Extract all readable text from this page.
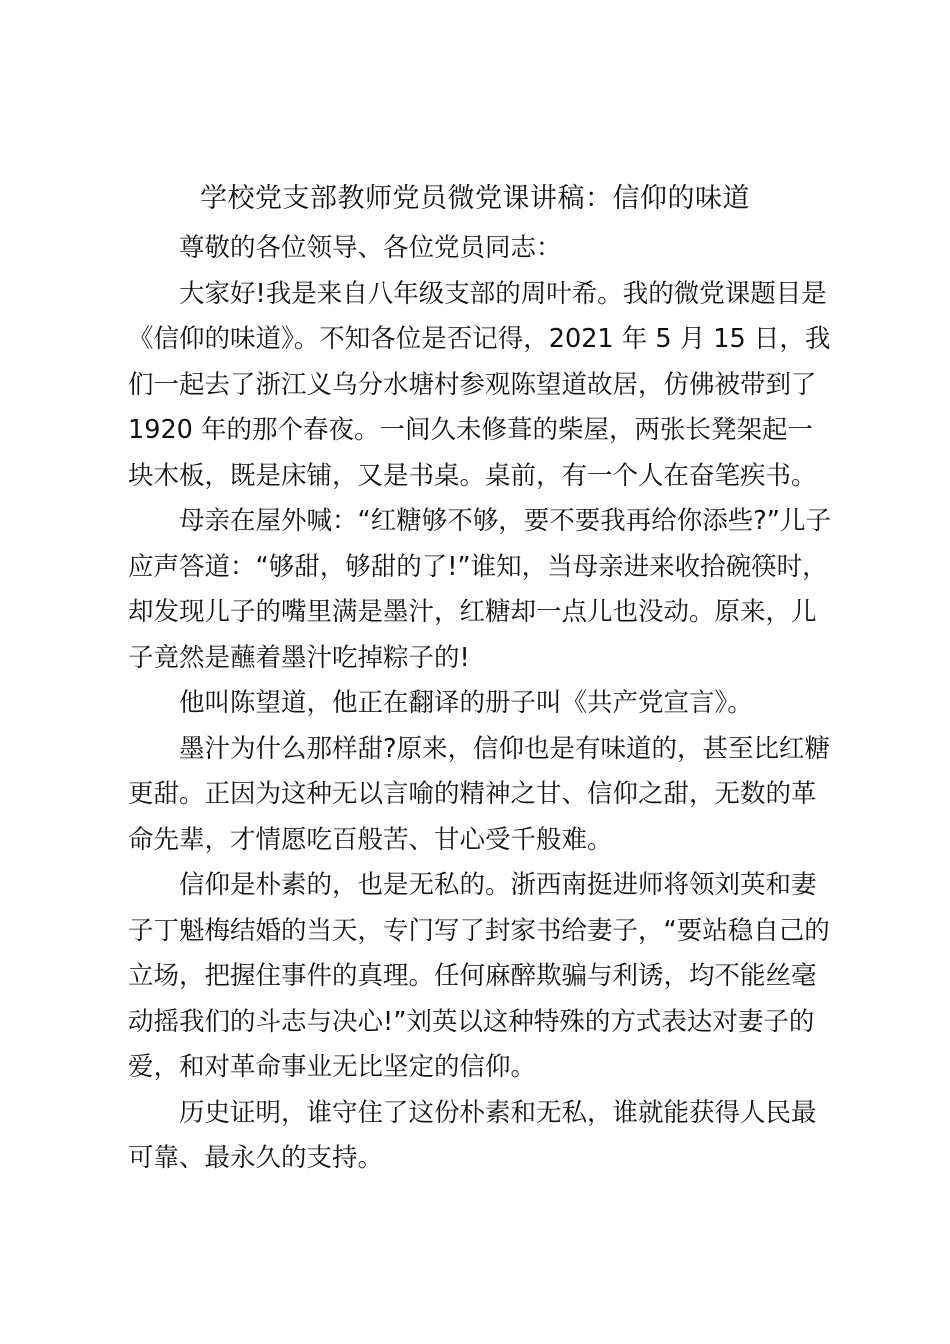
学校党支部教师党员微党课讲稿：信仰的味道

尊敬的各位领导、各位党员同志：

大家好!我是来自八年级支部的周叶希。我的微党课题目是
《信仰的味道》。不知各位是否记得，2021 年 5 月 15 日，我
们一起去了浙江义乌分水塘村参观陈望道故居，仿佛被带到了
1920 年的那个春夜。一间久未修葺的柴屋，两张长凳架起一
块木板，既是床铺，又是书桌。桌前，有一个人在奋笔疾书。

母亲在屋外喊：“红糖够不够，要不要我再给你添些?”儿子
应声答道：“够甜，够甜的了!”谁知，当母亲进来收拾碗筷时，
却发现儿子的嘴里满是墨汁，红糖却一点儿也没动。原来，儿
子竟然是蘸着墨汁吃掉粽子的!

他叫陈望道，他正在翻译的册子叫《共产党宣言》。

墨汁为什么那样甜?原来，信仰也是有味道的，甚至比红糖
更甜。正因为这种无以言喻的精神之甘、信仰之甜，无数的革
命先辈，才情愿吃百般苦、甘心受千般难。

信仰是朴素的，也是无私的。浙西南挺进师将领刘英和妻
子丁魁梅结婚的当天，专门写了封家书给妻子，“要站稳自己的
立场，把握住事件的真理。任何麻醉欺骗与利诱，均不能丝毫
动摇我们的斗志与决心!”刘英以这种特殊的方式表达对妻子的
爱，和对革命事业无比坚定的信仰。

历史证明，谁守住了这份朴素和无私，谁就能获得人民最
可靠、最永久的支持。
